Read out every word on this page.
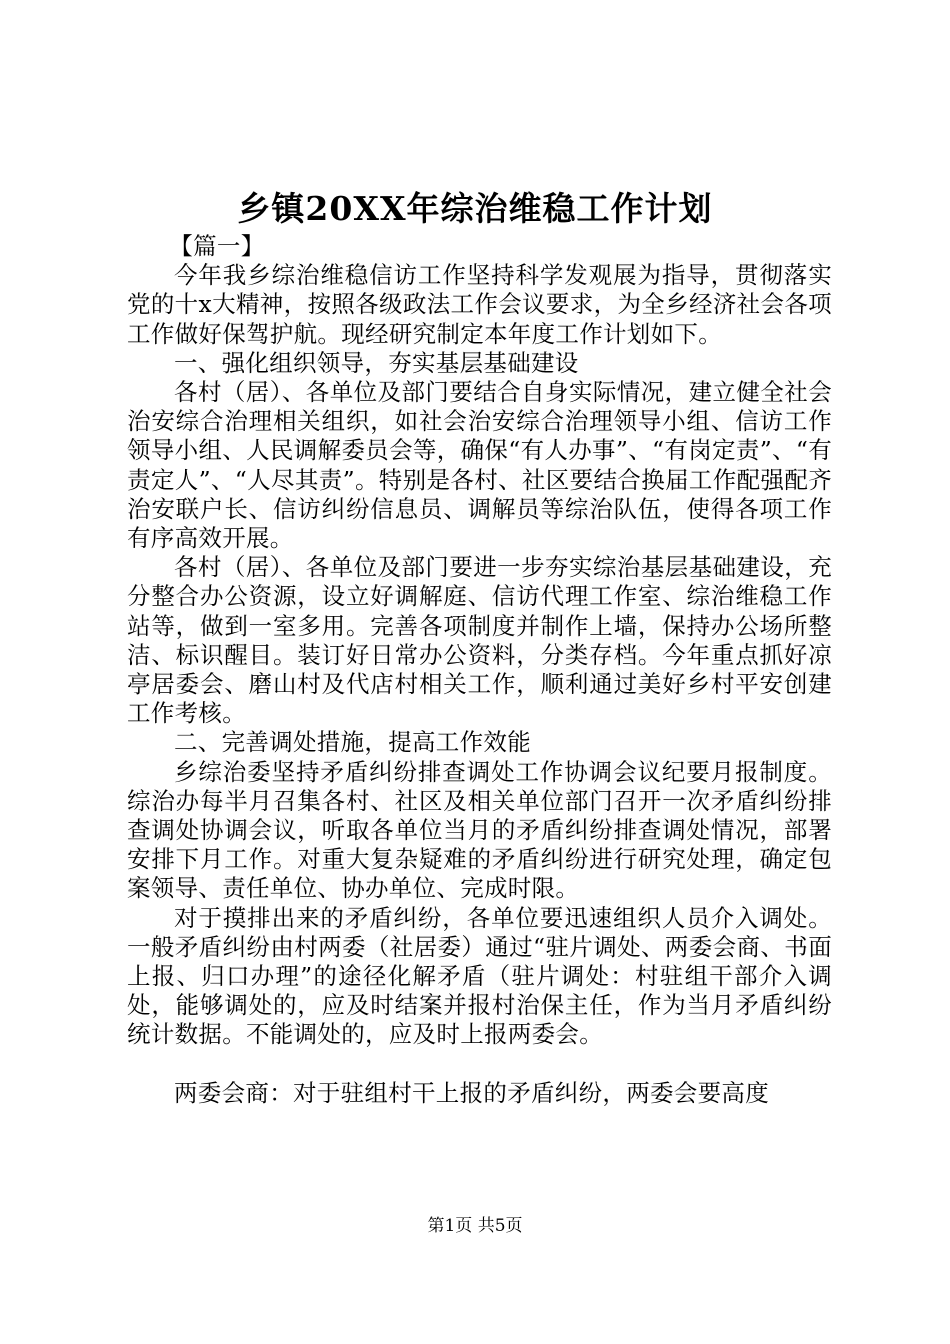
乡镇20XX年综治维稳工作计划

【篇一】

今年我乡综治维稳信访工作坚持科学发观展为指导，贯彻落实党的十x大精神，按照各级政法工作会议要求，为全乡经济社会各项工作做好保驾护航。现经研究制定本年度工作计划如下。

一、强化组织领导，夯实基层基础建设

各村（居）、各单位及部门要结合自身实际情况，建立健全社会治安综合治理相关组织，如社会治安综合治理领导小组、信访工作领导小组、人民调解委员会等，确保“有人办事”、“有岗定责”、“有责定人”、“人尽其责”。特别是各村、社区要结合换届工作配强配齐治安联户长、信访纠纷信息员、调解员等综治队伍，使得各项工作有序高效开展。

各村（居）、各单位及部门要进一步夯实综治基层基础建设，充分整合办公资源，设立好调解庭、信访代理工作室、综治维稳工作站等，做到一室多用。完善各项制度并制作上墙，保持办公场所整洁、标识醒目。装订好日常办公资料，分类存档。今年重点抓好凉亭居委会、磨山村及代店村相关工作，顺利通过美好乡村平安创建工作考核。

二、完善调处措施，提高工作效能

乡综治委坚持矛盾纠纷排查调处工作协调会议纪要月报制度。综治办每半月召集各村、社区及相关单位部门召开一次矛盾纠纷排查调处协调会议，听取各单位当月的矛盾纠纷排查调处情况，部署安排下月工作。对重大复杂疑难的矛盾纠纷进行研究处理，确定包案领导、责任单位、协办单位、完成时限。

对于摸排出来的矛盾纠纷，各单位要迅速组织人员介入调处。一般矛盾纠纷由村两委（社居委）通过“驻片调处、两委会商、书面上报、归口办理”的途径化解矛盾（驻片调处：村驻组干部介入调处，能够调处的，应及时结案并报村治保主任，作为当月矛盾纠纷统计数据。不能调处的，应及时上报两委会。

两委会商：对于驻组村干上报的矛盾纠纷，两委会要高度

第1页 共5页
